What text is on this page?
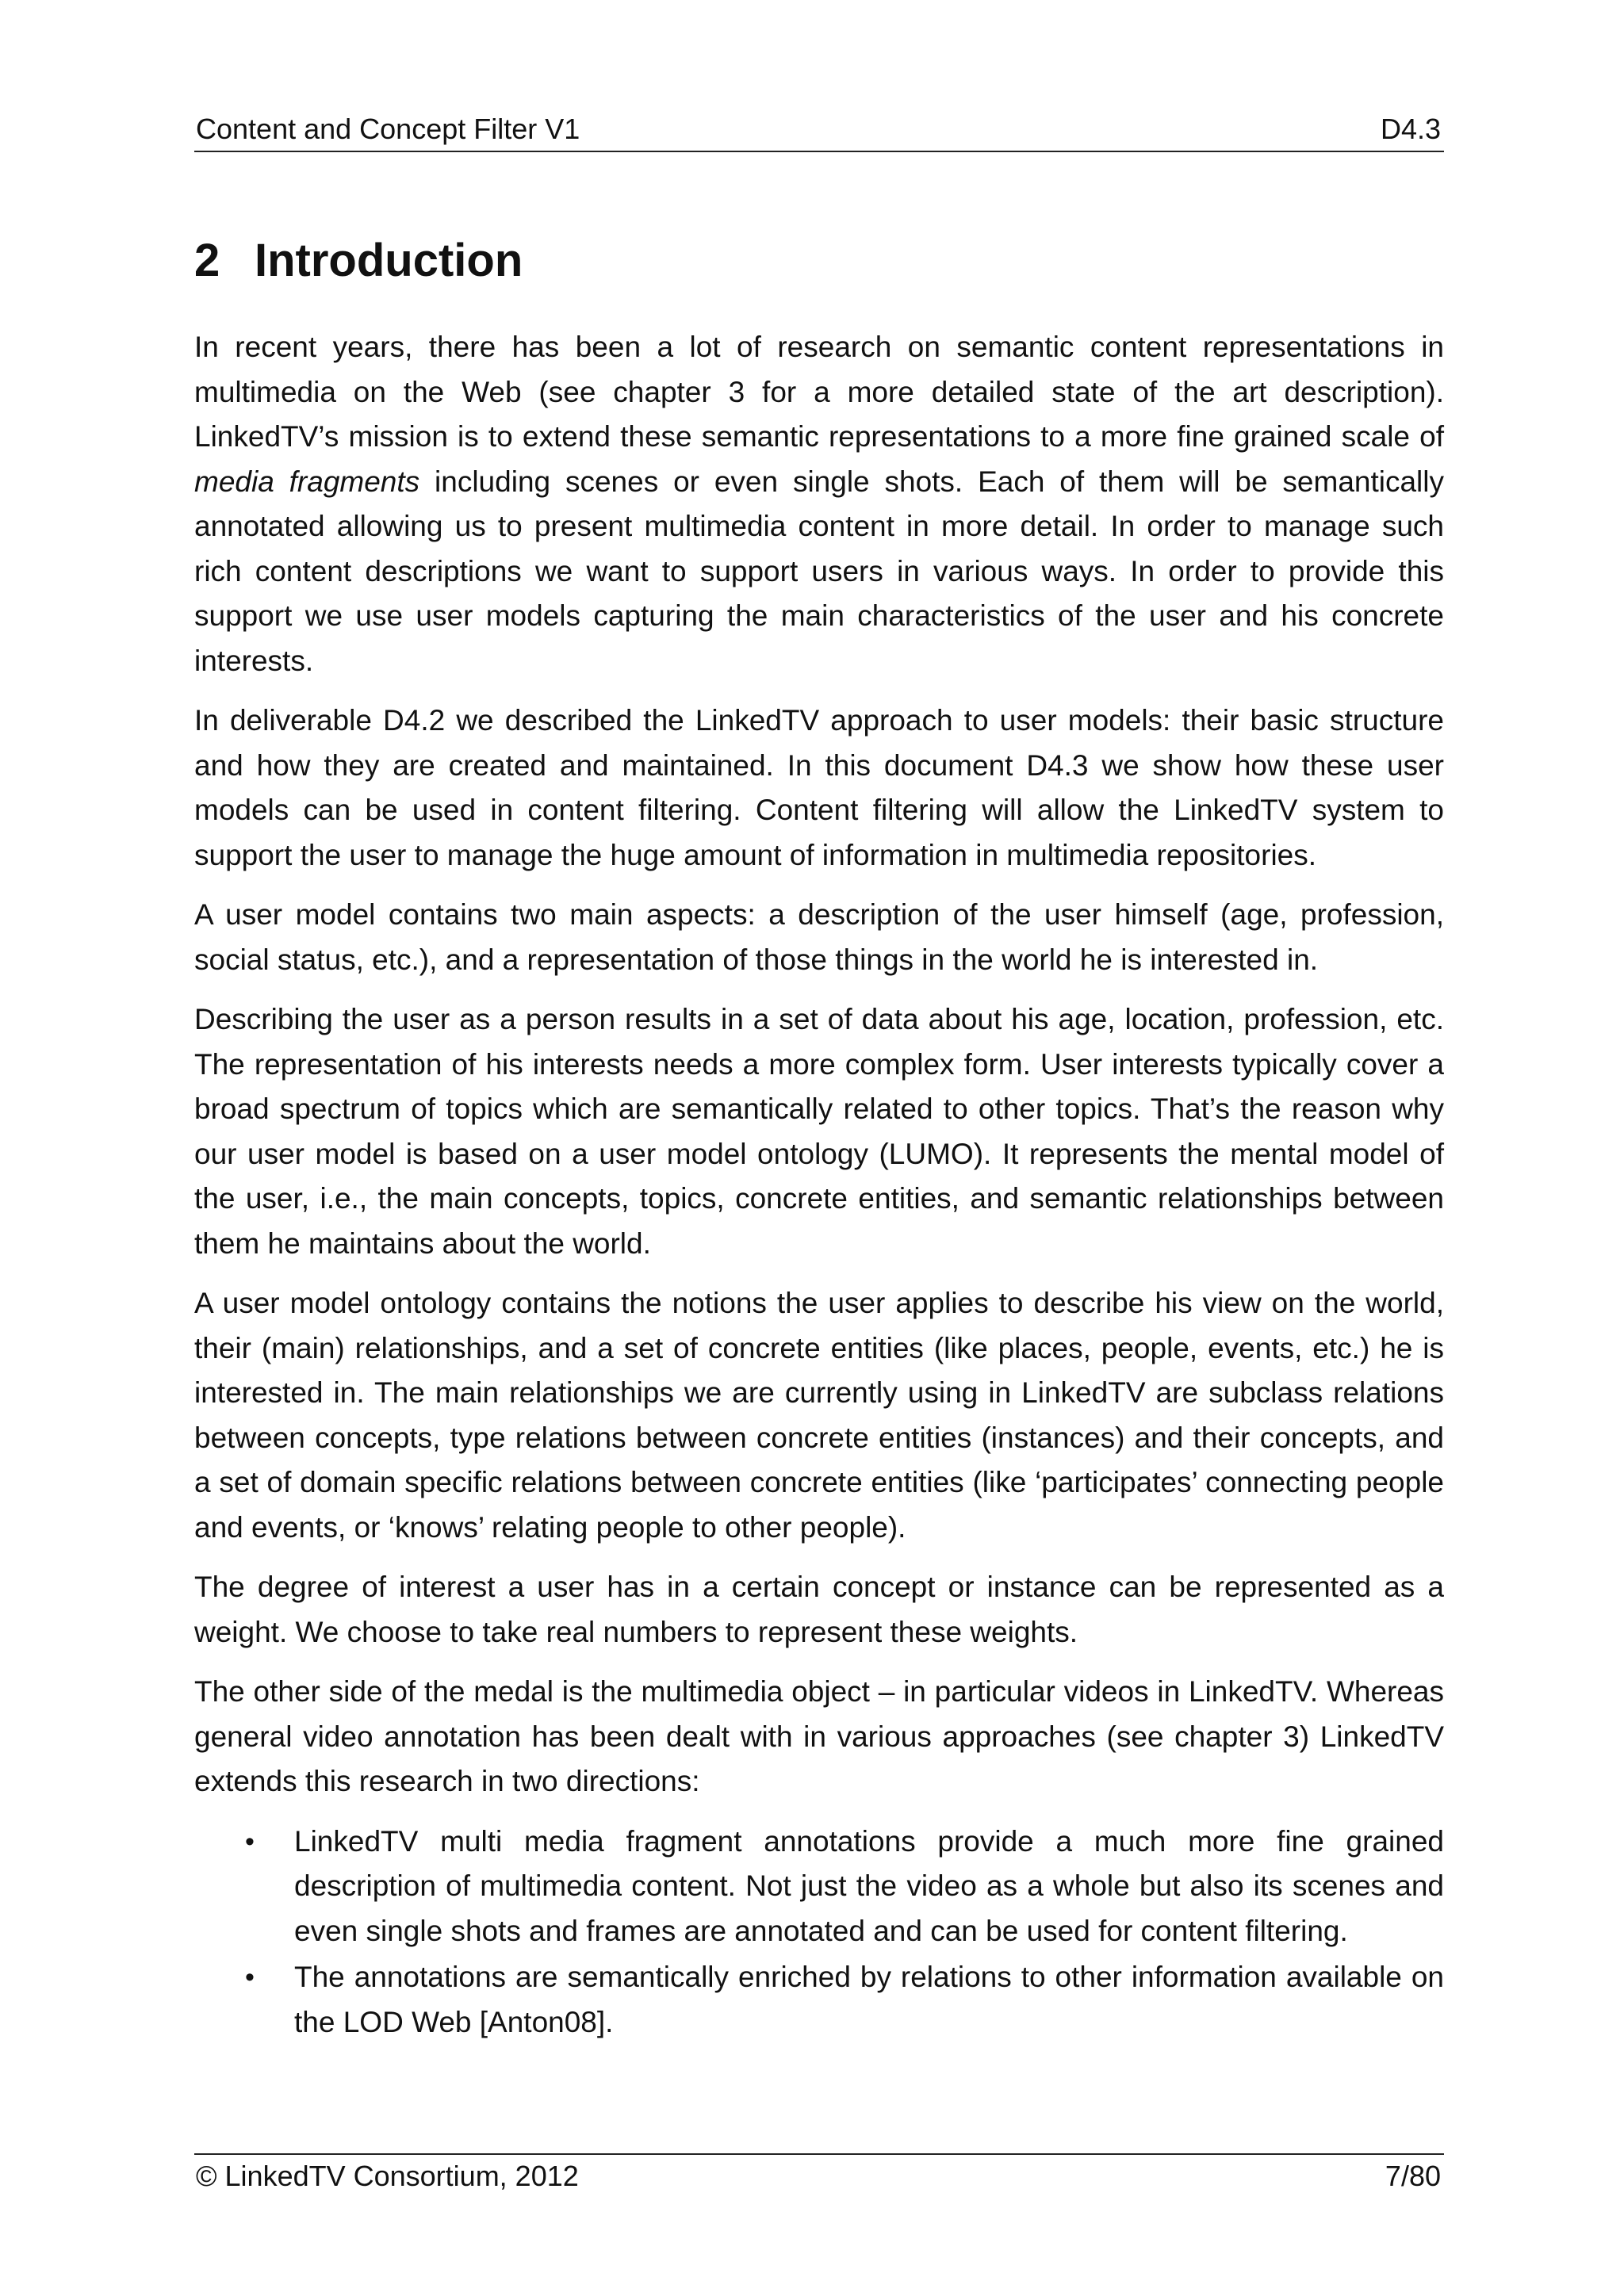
Content and Concept Filter V1	D4.3
2 Introduction

In recent years, there has been a lot of research on semantic content representations in multimedia on the Web (see chapter 3 for a more detailed state of the art description). LinkedTV’s mission is to extend these semantic representations to a more fine grained scale of media fragments including scenes or even single shots. Each of them will be semantically annotated allowing us to present multimedia content in more detail. In order to manage such rich content descriptions we want to support users in various ways. In order to provide this support we use user models capturing the main characteristics of the user and his concrete interests.

In deliverable D4.2 we described the LinkedTV approach to user models: their basic structure and how they are created and maintained. In this document D4.3 we show how these user models can be used in content filtering. Content filtering will allow the LinkedTV system to support the user to manage the huge amount of information in multimedia repositories.

A user model contains two main aspects: a description of the user himself (age, profession, social status, etc.), and a representation of those things in the world he is interested in.

Describing the user as a person results in a set of data about his age, location, profession, etc. The representation of his interests needs a more complex form. User interests typically cover a broad spectrum of topics which are semantically related to other topics. That’s the reason why our user model is based on a user model ontology (LUMO). It represents the mental model of the user, i.e., the main concepts, topics, concrete entities, and semantic relationships between them he maintains about the world.

A user model ontology contains the notions the user applies to describe his view on the world, their (main) relationships, and a set of concrete entities (like places, people, events, etc.) he is interested in. The main relationships we are currently using in LinkedTV are subclass relations between concepts, type relations between concrete entities (instances) and their concepts, and a set of domain specific relations between concrete entities (like ‘participates’ connecting people and events, or ‘knows’ relating people to other people).

The degree of interest a user has in a certain concept or instance can be represented as a weight. We choose to take real numbers to represent these weights.

The other side of the medal is the multimedia object – in particular videos in LinkedTV. Whereas general video annotation has been dealt with in various approaches (see chapter 3) LinkedTV extends this research in two directions:

• LinkedTV multi media fragment annotations provide a much more fine grained description of multimedia content. Not just the video as a whole but also its scenes and even single shots and frames are annotated and can be used for content filtering.
• The annotations are semantically enriched by relations to other information available on the LOD Web [Anton08].
© LinkedTV Consortium, 2012	7/80
